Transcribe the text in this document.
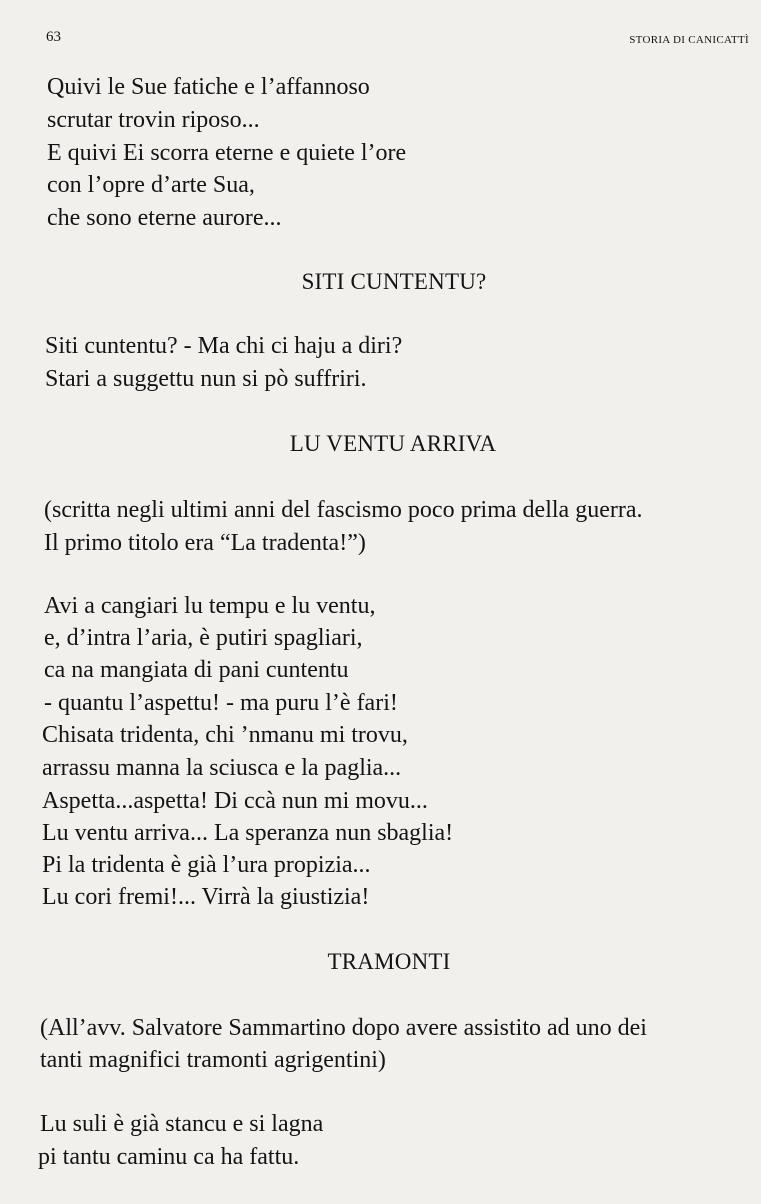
63	STORIA DI CANICATTÌ
Quivi le Sue fatiche e l’affannoso
scrutar trovin riposo...
E quivi Ei scorra eterne e quiete l’ore
con l’opre d’arte Sua,
che sono eterne aurore...
SITI CUNTENTU?
Siti cuntentu? - Ma chi ci haju a diri?
Stari a suggettu nun si pò suffriri.
LU VENTU ARRIVA
(scritta negli ultimi anni del fascismo poco prima della guerra.
Il primo titolo era “La tradenta!”)
Avi a cangiari lu tempu e lu ventu,
e, d’intra l’aria, è putiri spagliari,
ca na mangiata di pani cuntentu
- quantu l’aspettu! - ma puru l’è fari!
Chisata tridenta, chi ’nmanu mi trovu,
arrassu manna la sciusca e la paglia...
Aspetta...aspetta! Di ccà nun mi movu...
Lu ventu arriva... La speranza nun sbaglia!
Pi la tridenta è già l’ura propizia...
Lu cori fremi!... Virrà la giustizia!
TRAMONTI
(All’avv. Salvatore Sammartino dopo avere assistito ad uno dei
tanti magnifici tramonti agrigentini)
Lu suli è già stancu e si lagna
pi tantu caminu ca ha fattu.
